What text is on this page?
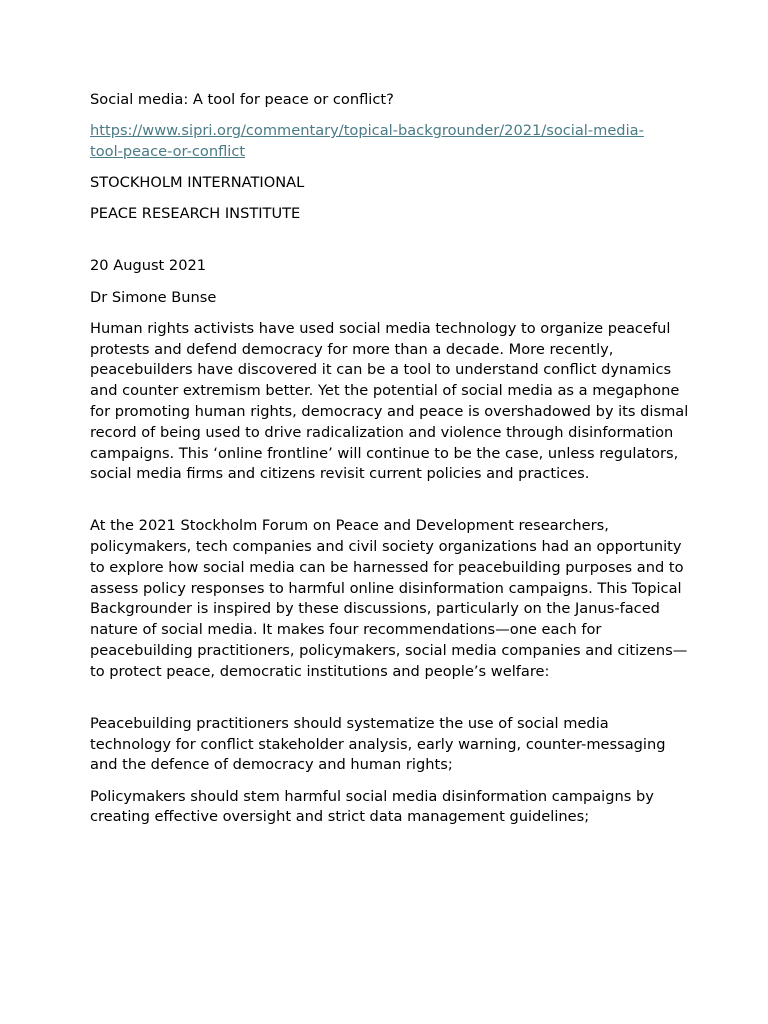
Social media: A tool for peace or conflict?

https://www.sipri.org/commentary/topical-backgrounder/2021/social-media-
tool-peace-or-conflict

STOCKHOLM INTERNATIONAL

PEACE RESEARCH INSTITUTE

20 August 2021

Dr Simone Bunse

Human rights activists have used social media technology to organize peaceful protests and defend democracy for more than a decade. More recently, peacebuilders have discovered it can be a tool to understand conflict dynamics and counter extremism better. Yet the potential of social media as a megaphone for promoting human rights, democracy and peace is overshadowed by its dismal record of being used to drive radicalization and violence through disinformation campaigns. This ‘online frontline’ will continue to be the case, unless regulators, social media firms and citizens revisit current policies and practices.

At the 2021 Stockholm Forum on Peace and Development researchers, policymakers, tech companies and civil society organizations had an opportunity to explore how social media can be harnessed for peacebuilding purposes and to assess policy responses to harmful online disinformation campaigns. This Topical Backgrounder is inspired by these discussions, particularly on the Janus-faced nature of social media. It makes four recommendations—one each for peacebuilding practitioners, policymakers, social media companies and citizens—to protect peace, democratic institutions and people’s welfare:

Peacebuilding practitioners should systematize the use of social media technology for conflict stakeholder analysis, early warning, counter-messaging and the defence of democracy and human rights;

Policymakers should stem harmful social media disinformation campaigns by creating effective oversight and strict data management guidelines;
